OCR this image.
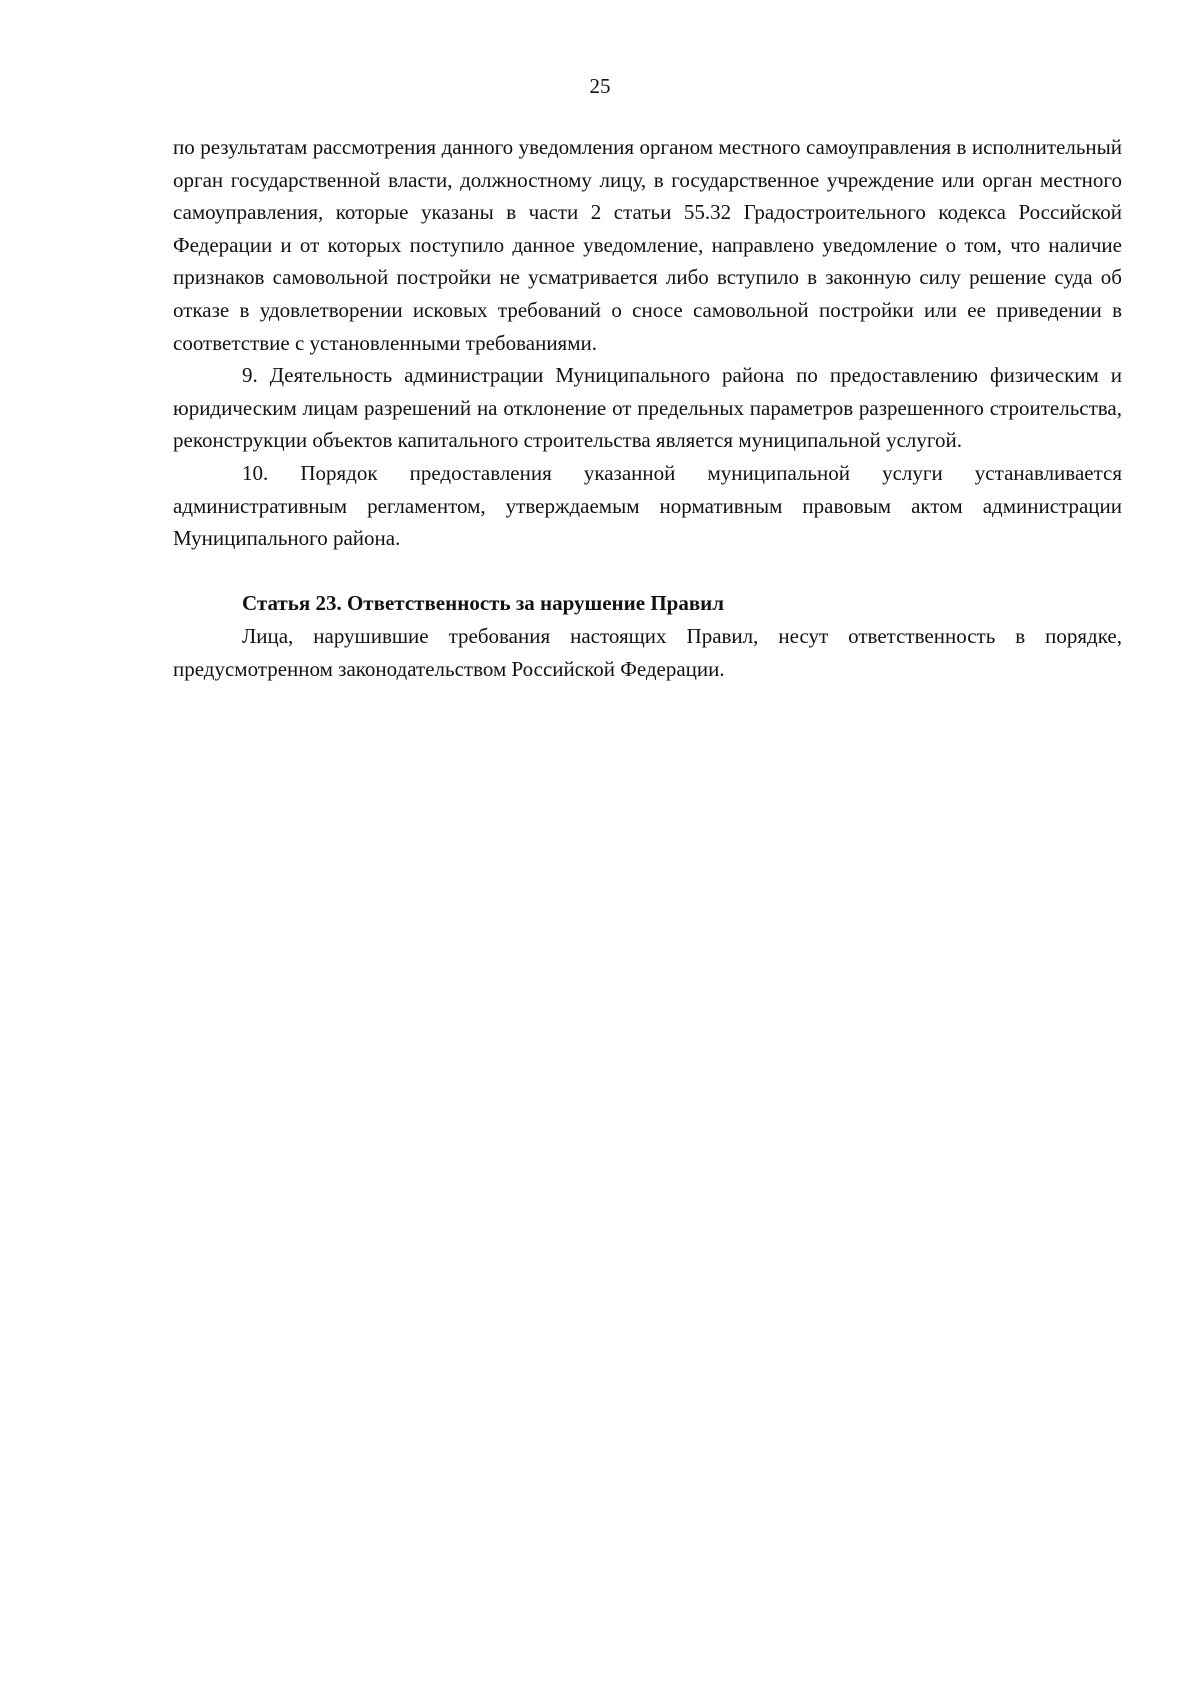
25

по результатам рассмотрения данного уведомления органом местного самоуправления в исполнительный орган государственной власти, должностному лицу, в государственное учреждение или орган местного самоуправления, которые указаны в части 2 статьи 55.32 Градостроительного кодекса Российской Федерации и от которых поступило данное уведомление, направлено уведомление о том, что наличие признаков самовольной постройки не усматривается либо вступило в законную силу решение суда об отказе в удовлетворении исковых требований о сносе самовольной постройки или ее приведении в соответствие с установленными требованиями.

9. Деятельность администрации Муниципального района по предоставлению физическим и юридическим лицам разрешений на отклонение от предельных параметров разрешенного строительства, реконструкции объектов капитального строительства является муниципальной услугой.

10. Порядок предоставления указанной муниципальной услуги устанавливается административным регламентом, утверждаемым нормативным правовым актом администрации Муниципального района.

Статья 23. Ответственность за нарушение Правил

Лица, нарушившие требования настоящих Правил, несут ответственность в порядке, предусмотренном законодательством Российской Федерации.
